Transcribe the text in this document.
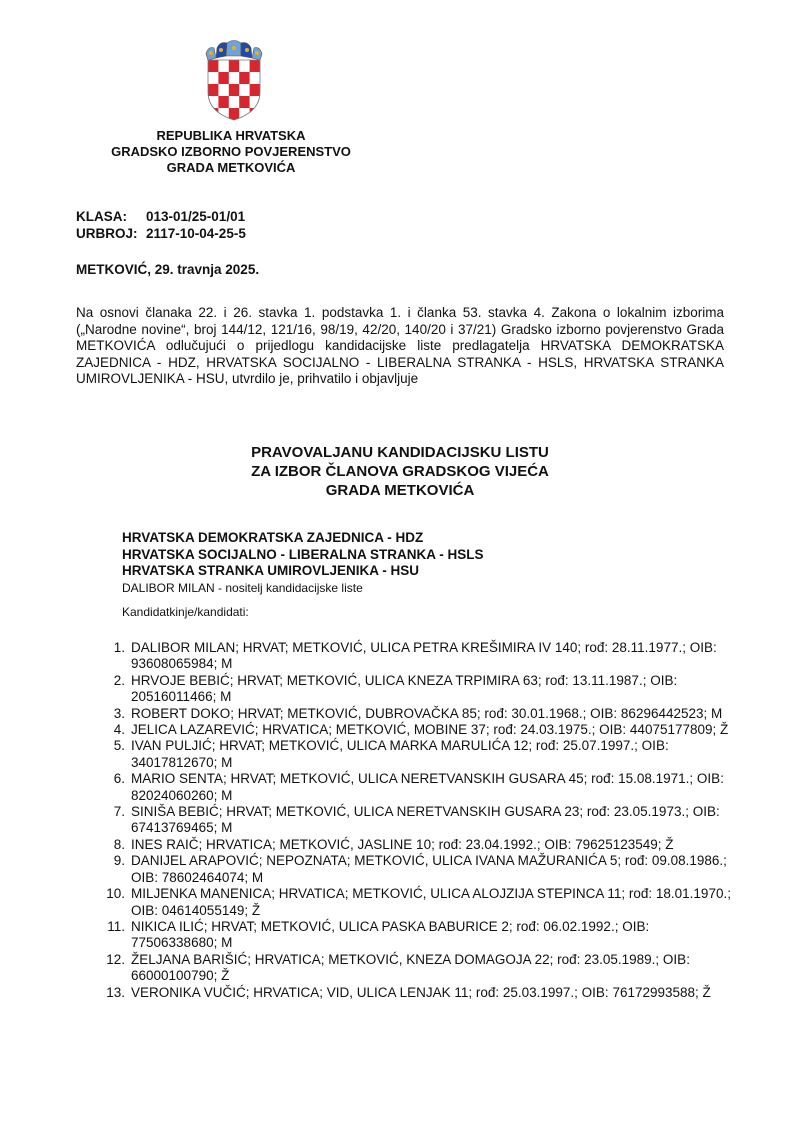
REPUBLIKA HRVATSKA
GRADSKO IZBORNO POVJERENSTVO
GRADA METKOVIĆA
KLASA: 013-01/25-01/01
URBROJ: 2117-10-04-25-5
METKOVIĆ, 29. travnja 2025.
Na osnovi članaka 22. i 26. stavka 1. podstavka 1. i članka 53. stavka 4. Zakona o lokalnim izborima („Narodne novine“, broj 144/12, 121/16, 98/19, 42/20, 140/20 i 37/21) Gradsko izborno povjerenstvo Grada METKOVIĆA odlučujući o prijedlogu kandidacijske liste predlagatelja HRVATSKA DEMOKRATSKA ZAJEDNICA - HDZ, HRVATSKA SOCIJALNO - LIBERALNA STRANKA - HSLS, HRVATSKA STRANKA UMIROVLJENIKA - HSU, utvrdilo je, prihvatilo i objavljuje
PRAVOVALJANU KANDIDACIJSKU LISTU
ZA IZBOR ČLANOVA GRADSKOG VIJEĆA
GRADA METKOVIĆA
HRVATSKA DEMOKRATSKA ZAJEDNICA - HDZ
HRVATSKA SOCIJALNO - LIBERALNA STRANKA - HSLS
HRVATSKA STRANKA UMIROVLJENIKA - HSU
DALIBOR MILAN - nositelj kandidacijske liste
Kandidatkinje/kandidati:
1. DALIBOR MILAN; HRVAT; METKOVIĆ, ULICA PETRA KREŠIMIRA IV 140; rođ: 28.11.1977.; OIB: 93608065984; M
2. HRVOJE BEBIĆ; HRVAT; METKOVIĆ, ULICA KNEZA TRPIMIRA 63; rođ: 13.11.1987.; OIB: 20516011466; M
3. ROBERT DOKO; HRVAT; METKOVIĆ, DUBROVAČKA 85; rođ: 30.01.1968.; OIB: 86296442523; M
4. JELICA LAZAREVIĆ; HRVATICA; METKOVIĆ, MOBINE 37; rođ: 24.03.1975.; OIB: 44075177809; Ž
5. IVAN PULJIĆ; HRVAT; METKOVIĆ, ULICA MARKA MARULIĆA 12; rođ: 25.07.1997.; OIB: 34017812670; M
6. MARIO SENTA; HRVAT; METKOVIĆ, ULICA NERETVANSKIH GUSARA 45; rođ: 15.08.1971.; OIB: 82024060260; M
7. SINIŠA BEBIĆ; HRVAT; METKOVIĆ, ULICA NERETVANSKIH GUSARA 23; rođ: 23.05.1973.; OIB: 67413769465; M
8. INES RAIČ; HRVATICA; METKOVIĆ, JASLINE 10; rođ: 23.04.1992.; OIB: 79625123549; Ž
9. DANIJEL ARAPOVIĆ; NEPOZNATA; METKOVIĆ, ULICA IVANA MAŽURANIĆA 5; rođ: 09.08.1986.; OIB: 78602464074; M
10. MILJENKA MANENICA; HRVATICA; METKOVIĆ, ULICA ALOJZIJA STEPINCA 11; rođ: 18.01.1970.; OIB: 04614055149; Ž
11. NIKICA ILIĆ; HRVAT; METKOVIĆ, ULICA PASKA BABURICE 2; rođ: 06.02.1992.; OIB: 77506338680; M
12. ŽELJANA BARIŠIĆ; HRVATICA; METKOVIĆ, KNEZA DOMAGOJA 22; rođ: 23.05.1989.; OIB: 66000100790; Ž
13. VERONIKA VUČIĆ; HRVATICA; VID, ULICA LENJAK 11; rođ: 25.03.1997.; OIB: 76172993588; Ž
